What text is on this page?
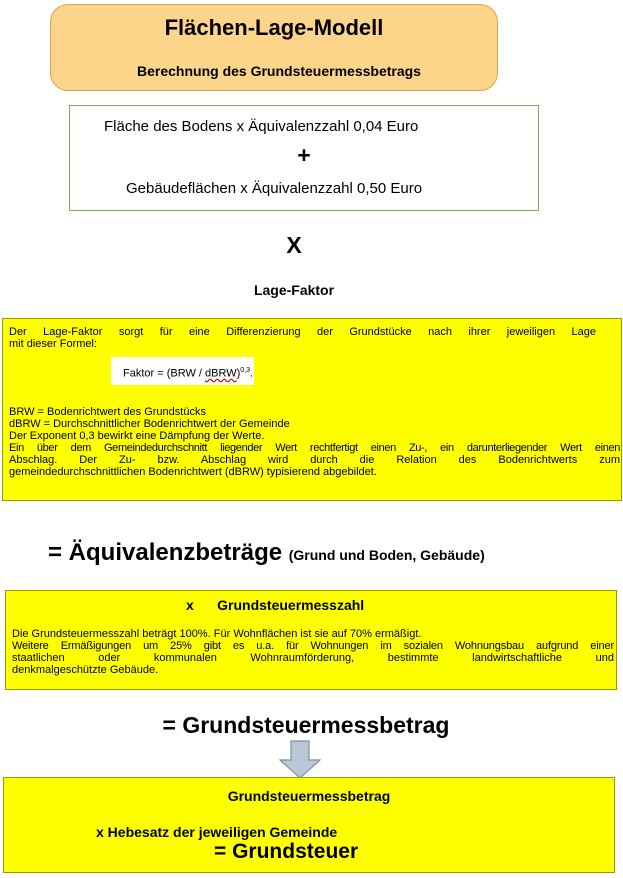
Flächen-Lage-Modell
Berechnung des Grundsteuermessbetrags
Fläche des Bodens x Äquivalenzzahl 0,04 Euro
+
Gebäudeflächen x Äquivalenzzahl 0,50 Euro
X
Lage-Faktor
Der Lage-Faktor sorgt für eine Differenzierung der Grundstücke nach ihrer jeweiligen Lage
mit dieser Formel:
Faktor = (BRW / dBRW)$^{0,3}$.
BRW = Bodenrichtwert des Grundstücks
dBRW = Durchschnittlicher Bodenrichtwert der Gemeinde
Der Exponent 0,3 bewirkt eine Dämpfung der Werte.
Ein über dem Gemeindedurchschnitt liegender Wert rechtfertigt einen Zu-, ein darunterliegender Wert einen
Abschlag. Der Zu- bzw. Abschlag wird durch die Relation des Bodenrichtwerts zum
gemeindedurchschnittlichen Bodenrichtwert (dBRW) typisierend abgebildet.
= Äquivalenzbeträge (Grund und Boden, Gebäude)
x      Grundsteuermesszahl
Die Grundsteuermesszahl beträgt 100%. Für Wohnflächen ist sie auf 70% ermäßigt.
Weitere Ermäßigungen um 25% gibt es u.a. für Wohnungen im sozialen Wohnungsbau aufgrund einer
staatlichen oder kommunalen Wohnraumförderung, bestimmte landwirtschaftliche und
denkmalgeschützte Gebäude.
= Grundsteuermessbetrag
Grundsteuermessbetrag
x Hebesatz der jeweiligen Gemeinde
= Grundsteuer
